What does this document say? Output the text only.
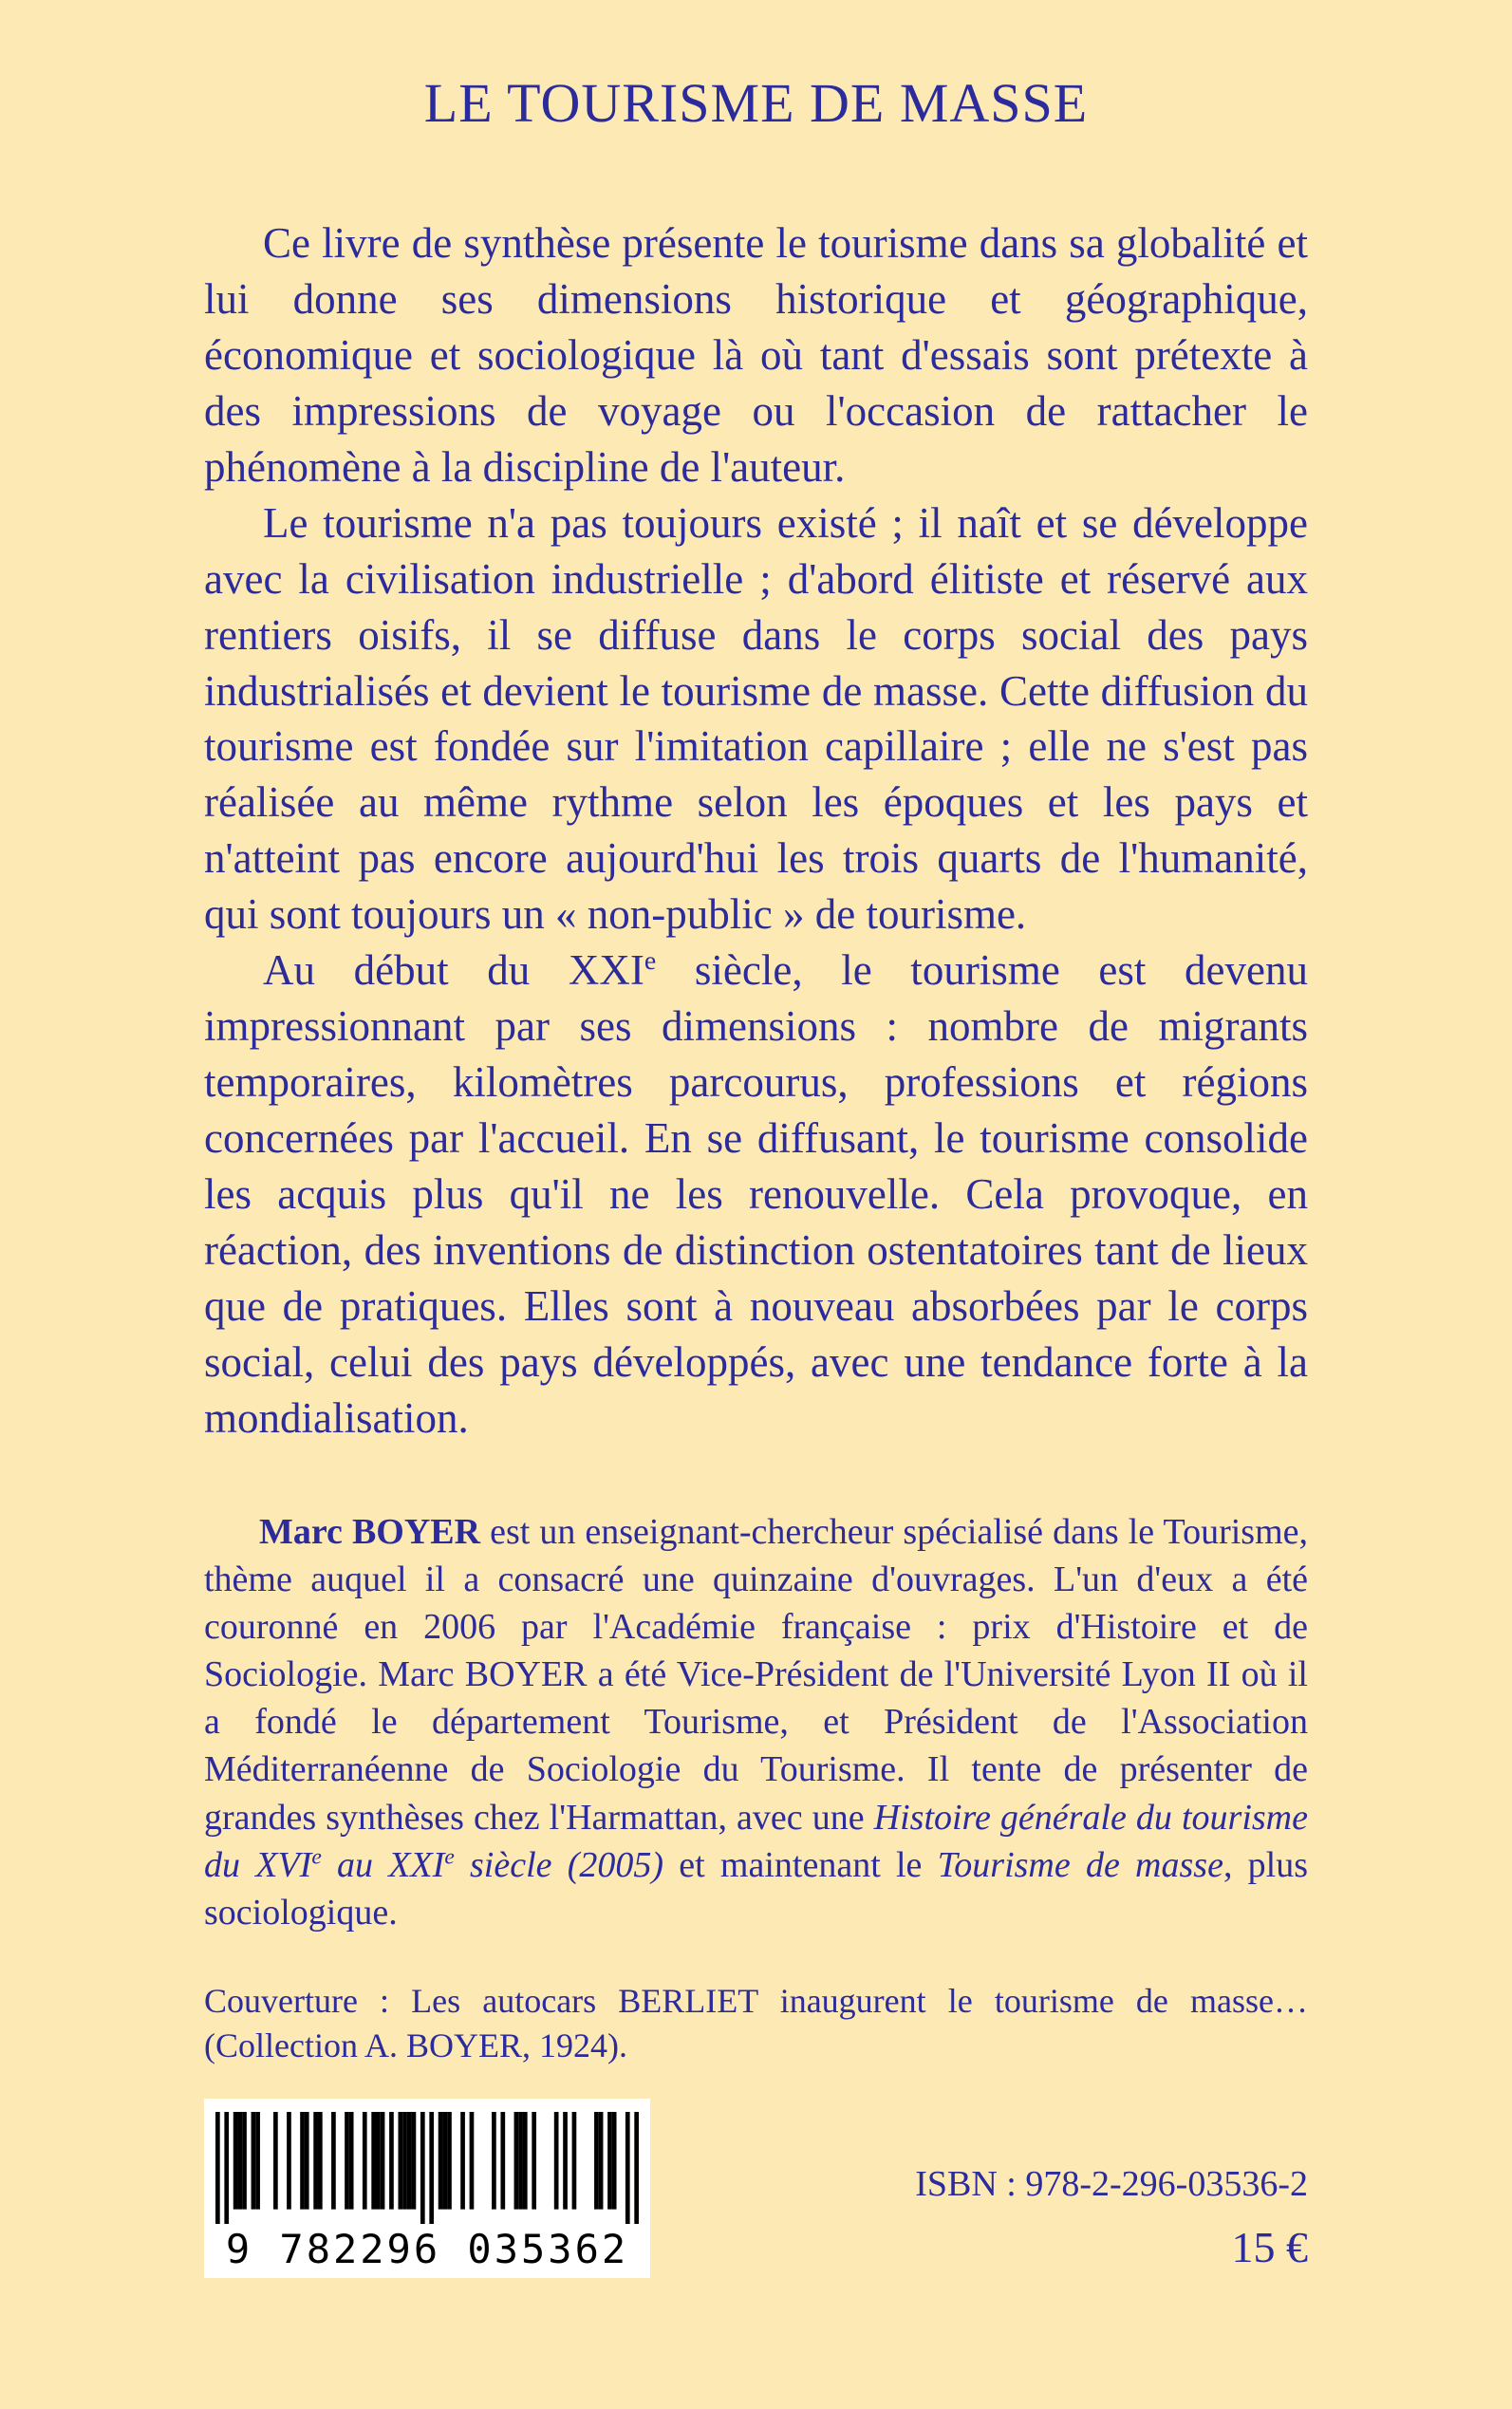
LE TOURISME DE MASSE

Ce livre de synthèse présente le tourisme dans sa globalité et lui donne ses dimensions historique et géographique, économique et sociologique là où tant d'essais sont prétexte à des impressions de voyage ou l'occasion de rattacher le phénomène à la discipline de l'auteur.

Le tourisme n'a pas toujours existé ; il naît et se développe avec la civilisation industrielle ; d'abord élitiste et réservé aux rentiers oisifs, il se diffuse dans le corps social des pays industrialisés et devient le tourisme de masse. Cette diffusion du tourisme est fondée sur l'imitation capillaire ; elle ne s'est pas réalisée au même rythme selon les époques et les pays et n'atteint pas encore aujourd'hui les trois quarts de l'humanité, qui sont toujours un « non-public » de tourisme.

Au début du XXIe siècle, le tourisme est devenu impressionnant par ses dimensions : nombre de migrants temporaires, kilomètres parcourus, professions et régions concernées par l'accueil. En se diffusant, le tourisme consolide les acquis plus qu'il ne les renouvelle. Cela provoque, en réaction, des inventions de distinction ostentatoires tant de lieux que de pratiques. Elles sont à nouveau absorbées par le corps social, celui des pays développés, avec une tendance forte à la mondialisation.

Marc BOYER est un enseignant-chercheur spécialisé dans le Tourisme, thème auquel il a consacré une quinzaine d'ouvrages. L'un d'eux a été couronné en 2006 par l'Académie française : prix d'Histoire et de Sociologie. Marc BOYER a été Vice-Président de l'Université Lyon II où il a fondé le département Tourisme, et Président de l'Association Méditerranéenne de Sociologie du Tourisme. Il tente de présenter de grandes synthèses chez l'Harmattan, avec une Histoire générale du tourisme du XVIe au XXIe siècle (2005) et maintenant le Tourisme de masse, plus sociologique.

Couverture : Les autocars BERLIET inaugurent le tourisme de masse… (Collection A. BOYER, 1924).

9 782296 035362
ISBN : 978-2-296-03536-2
15 €
